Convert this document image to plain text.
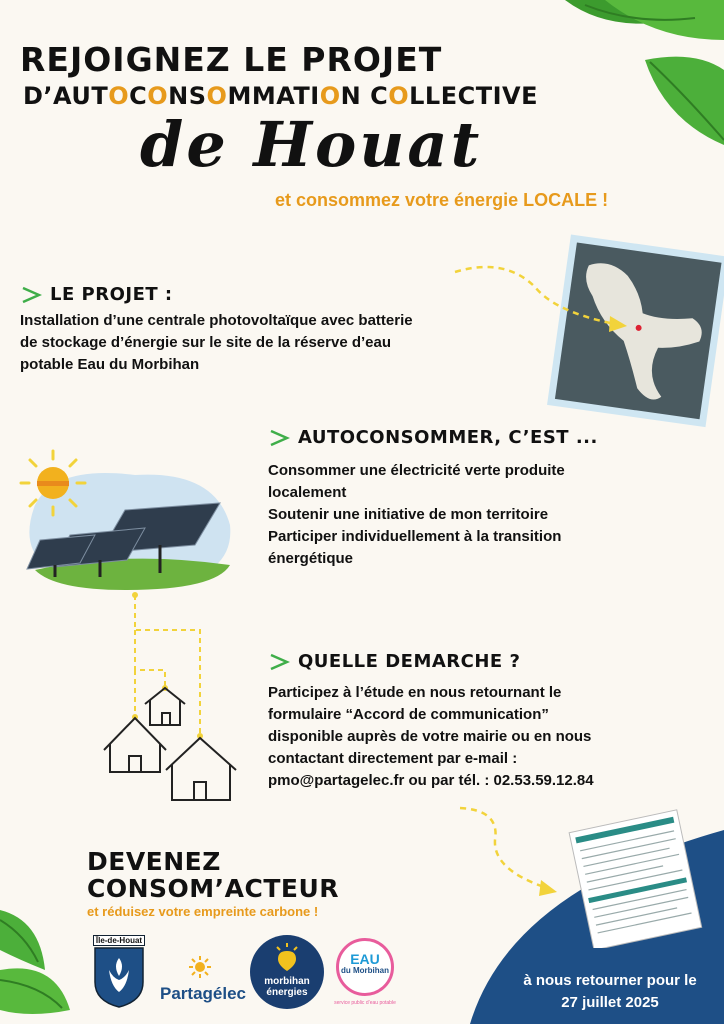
REJOIGNEZ LE PROJET
D’AUTOCONSOMMATION COLLECTIVE
de Houat
et consommez votre énergie LOCALE !
LE PROJET :
Installation d’une centrale photovoltaïque avec batterie
de stockage d’énergie sur le site de la réserve d’eau
potable Eau du Morbihan
AUTOCONSOMMER, C’EST ...
Consommer une électricité verte produite
localement
Soutenir une initiative de mon territoire
Participer individuellement à la transition
énergétique
QUELLE DEMARCHE ?
Participez à l’étude en nous retournant le
formulaire “Accord de communication”
disponible auprès de votre mairie ou en nous
contactant directement par e-mail :
pmo@partagelec.fr ou par tél. : 02.53.59.12.84
DEVENEZ
CONSOM’ACTEUR
et réduisez votre empreinte carbone !
Île-de-Houat
Partagélec
morbihan
énergies
EAU
du Morbihan
service public d’eau potable
à nous retourner pour le
27 juillet 2025
